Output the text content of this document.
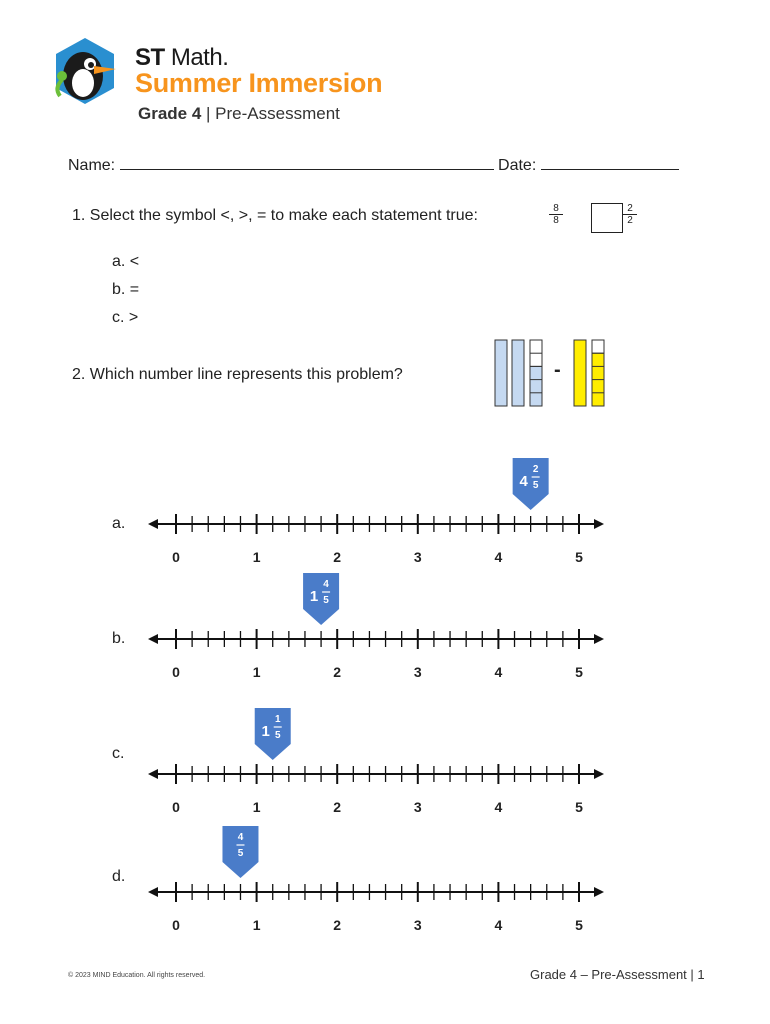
ST Math.
Summer Immersion
Grade 4 | Pre-Assessment
Name:	Date:
1. Select the symbol <, >, = to make each statement true:	$\frac{8}{8}$	$\frac{2}{2}$
a. <
b. =
c. >
2. Which number line represents this problem?	-
a.
b.
c.
d.
0	1	2	3	4	5
4
2
5
0	1	2	3	4	5
1
4
5
0	1	2	3	4	5
1
1
5
0	1	2	3	4	5
4
5
© 2023 MIND Education. All rights reserved.	Grade 4 – Pre-Assessment | 1
